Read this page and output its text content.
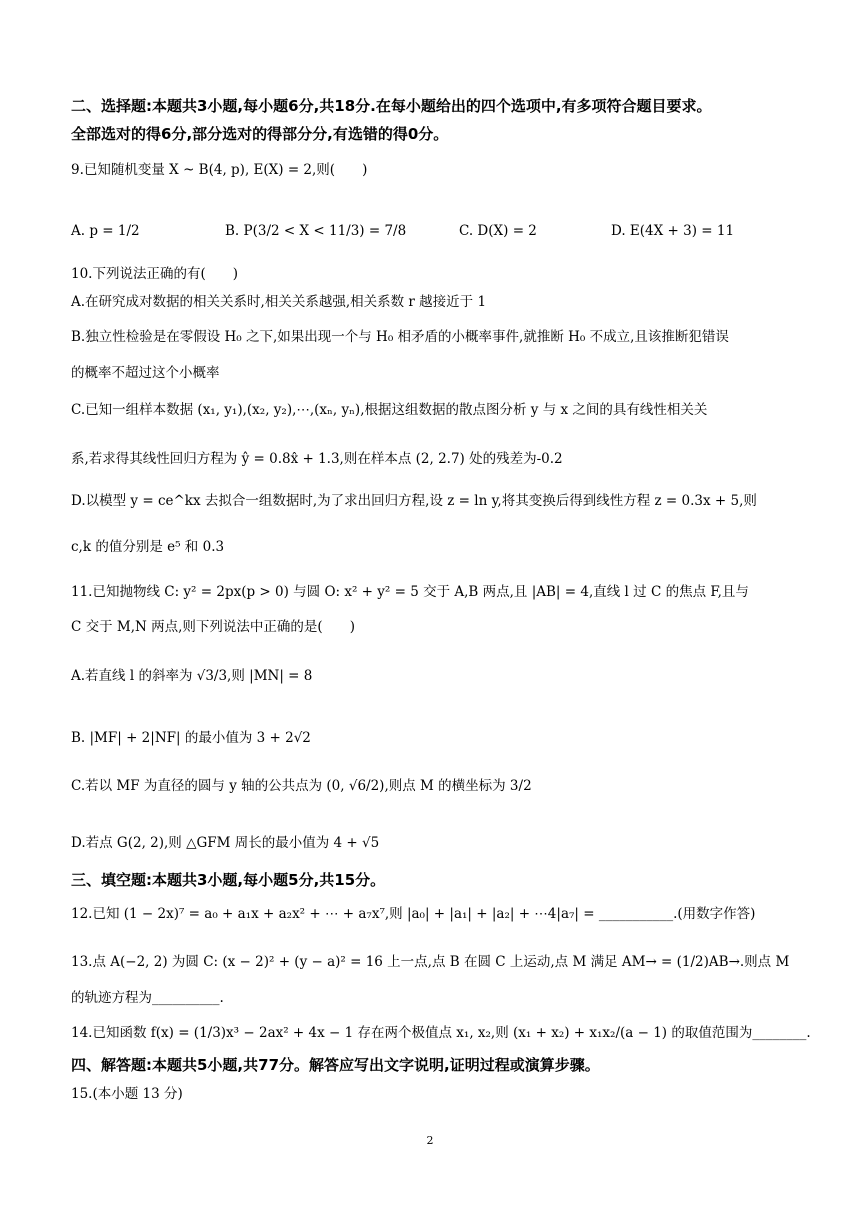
二、选择题:本题共3小题,每小题6分,共18分.在每小题给出的四个选项中,有多项符合题目要求。
全部选对的得6分,部分选对的得部分分,有选错的得0分。
9.已知随机变量 X ~ B(4, p), E(X) = 2,则(　　)
A. p = 1/2	B. P(3/2 < X < 11/3) = 7/8	C. D(X) = 2	D. E(4X + 3) = 11
10.下列说法正确的有(　　)
A.在研究成对数据的相关关系时,相关关系越强,相关系数 r 越接近于 1
B.独立性检验是在零假设 H₀ 之下,如果出现一个与 H₀ 相矛盾的小概率事件,就推断 H₀ 不成立,且该推断犯错误
的概率不超过这个小概率
C.已知一组样本数据 (x₁, y₁),(x₂, y₂),⋯,(xₙ, yₙ),根据这组数据的散点图分析 y 与 x 之间的具有线性相关关
系,若求得其线性回归方程为 ŷ = 0.8x̂ + 1.3,则在样本点 (2, 2.7) 处的残差为-0.2
D.以模型 y = ce^kx 去拟合一组数据时,为了求出回归方程,设 z = ln y,将其变换后得到线性方程 z = 0.3x + 5,则
c,k 的值分别是 e⁵ 和 0.3
11.已知抛物线 C: y² = 2px(p > 0) 与圆 O: x² + y² = 5 交于 A,B 两点,且 |AB| = 4,直线 l 过 C 的焦点 F,且与
C 交于 M,N 两点,则下列说法中正确的是(　　)
A.若直线 l 的斜率为 √3/3,则 |MN| = 8
B. |MF| + 2|NF| 的最小值为 3 + 2√2
C.若以 MF 为直径的圆与 y 轴的公共点为 (0, √6/2),则点 M 的横坐标为 3/2
D.若点 G(2, 2),则 △GFM 周长的最小值为 4 + √5
三、填空题:本题共3小题,每小题5分,共15分。
12.已知 (1 − 2x)⁷ = a₀ + a₁x + a₂x² + ⋯ + a₇x⁷,则 |a₀| + |a₁| + |a₂| + ⋯4|a₇| = ___________.(用数字作答)
13.点 A(−2, 2) 为圆 C: (x − 2)² + (y − a)² = 16 上一点,点 B 在圆 C 上运动,点 M 满足 AM→ = (1/2)AB→.则点 M
的轨迹方程为__________.
14.已知函数 f(x) = (1/3)x³ − 2ax² + 4x − 1 存在两个极值点 x₁, x₂,则 (x₁ + x₂) + x₁x₂/(a − 1) 的取值范围为________.
四、解答题:本题共5小题,共77分。解答应写出文字说明,证明过程或演算步骤。
15.(本小题 13 分)
2
